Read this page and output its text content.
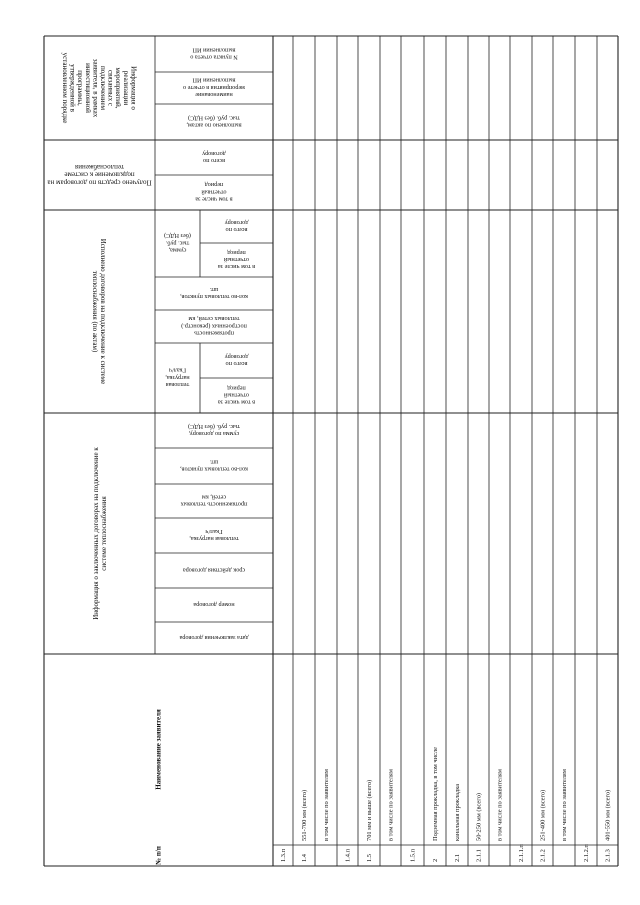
N пункта отчета о
выполнении ИП
наименование
мероприятия в отчете о
выполнении ИП
выполнено по актам,
тыс. руб. (без НДС)
Информация о
реализации
мероприятий,
связанных с
подключением
заявителя, в рамках
инвестиционной
программы,
утвержденной в
установленном порядке
всего по
договору
в том числе за
отчетный
период
Получено средств по договорам на
подключение к системе
теплоснабжения
сумма,
тыс. руб.
(без НДС)
всего по
договору
в том числе за
отчетный
период
кол-во тепловых пунктов,
шт.
протяженность
построенных (реконстр.)
тепловых сетей, км
тепловая
нагрузка,
Гкал/ч
всего по
договору
в том числе за
отчетный
период
Исполнено договоров на подключение к системе
теплоснабжения (по актам)
дата заключения договора
номер договора
срок действия договора
тепловая нагрузка,
Гкал/ч
протяженность тепловых
сетей, км
кол-во тепловых пунктов,
шт.
сумма по договору,
тыс. руб. (без НДС)
Информация о заключенных договорах на подключение к системе теплоснабжения
Наименование заявителя
№ п/п	1.3.п
551-700 мм (всего)
1.4
в том числе по заявителям
1.4.п
701 мм и выше (всего)
1.5
в том числе по заявителям
1.5.п
Подземная прокладка, в том числе
2
канальная прокладка
2.1
50-250 мм (всего)
2.1.1
в том числе по заявителям
2.1.1.п
251-400 мм (всего)
2.1.2
в том числе по заявителям
2.1.2.п
401-550 мм (всего)
2.1.3
